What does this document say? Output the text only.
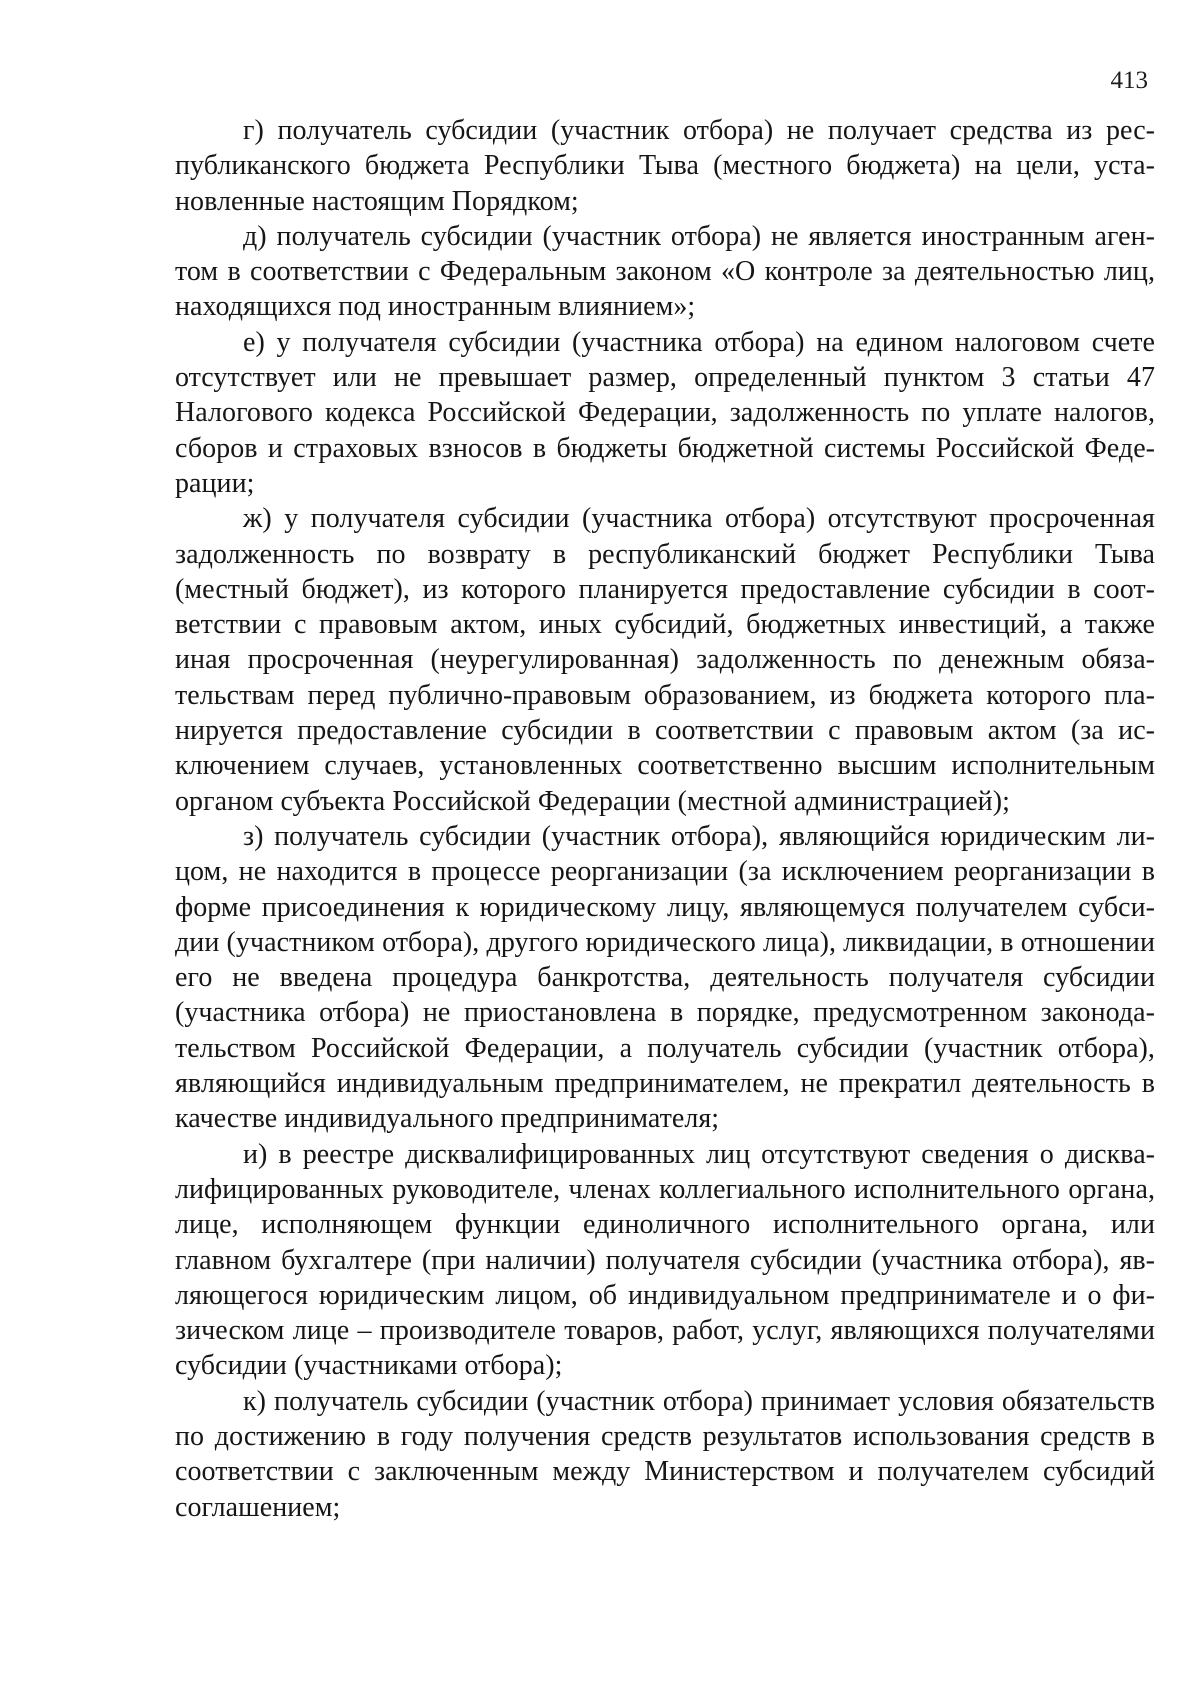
413

г) получатель субсидии (участник отбора) не получает средства из республиканского бюджета Республики Тыва (местного бюджета) на цели, установленные настоящим Порядком;

д) получатель субсидии (участник отбора) не является иностранным агентом в соответствии с Федеральным законом «О контроле за деятельностью лиц, находящихся под иностранным влиянием»;

е) у получателя субсидии (участника отбора) на едином налоговом счете отсутствует или не превышает размер, определенный пунктом 3 статьи 47 Налогового кодекса Российской Федерации, задолженность по уплате налогов, сборов и страховых взносов в бюджеты бюджетной системы Российской Федерации;

ж) у получателя субсидии (участника отбора) отсутствуют просроченная задолженность по возврату в республиканский бюджет Республики Тыва (местный бюджет), из которого планируется предоставление субсидии в соответствии с правовым актом, иных субсидий, бюджетных инвестиций, а также иная просроченная (неурегулированная) задолженность по денежным обязательствам перед публично-правовым образованием, из бюджета которого планируется предоставление субсидии в соответствии с правовым актом (за исключением случаев, установленных соответственно высшим исполнительным органом субъекта Российской Федерации (местной администрацией);

з) получатель субсидии (участник отбора), являющийся юридическим лицом, не находится в процессе реорганизации (за исключением реорганизации в форме присоединения к юридическому лицу, являющемуся получателем субсидии (участником отбора), другого юридического лица), ликвидации, в отношении его не введена процедура банкротства, деятельность получателя субсидии (участника отбора) не приостановлена в порядке, предусмотренном законодательством Российской Федерации, а получатель субсидии (участник отбора), являющийся индивидуальным предпринимателем, не прекратил деятельность в качестве индивидуального предпринимателя;

и) в реестре дисквалифицированных лиц отсутствуют сведения о дисквалифицированных руководителе, членах коллегиального исполнительного органа, лице, исполняющем функции единоличного исполнительного органа, или главном бухгалтере (при наличии) получателя субсидии (участника отбора), являющегося юридическим лицом, об индивидуальном предпринимателе и о физическом лице – производителе товаров, работ, услуг, являющихся получателями субсидии (участниками отбора);

к) получатель субсидии (участник отбора) принимает условия обязательств по достижению в году получения средств результатов использования средств в соответствии с заключенным между Министерством и получателем субсидий соглашением;
